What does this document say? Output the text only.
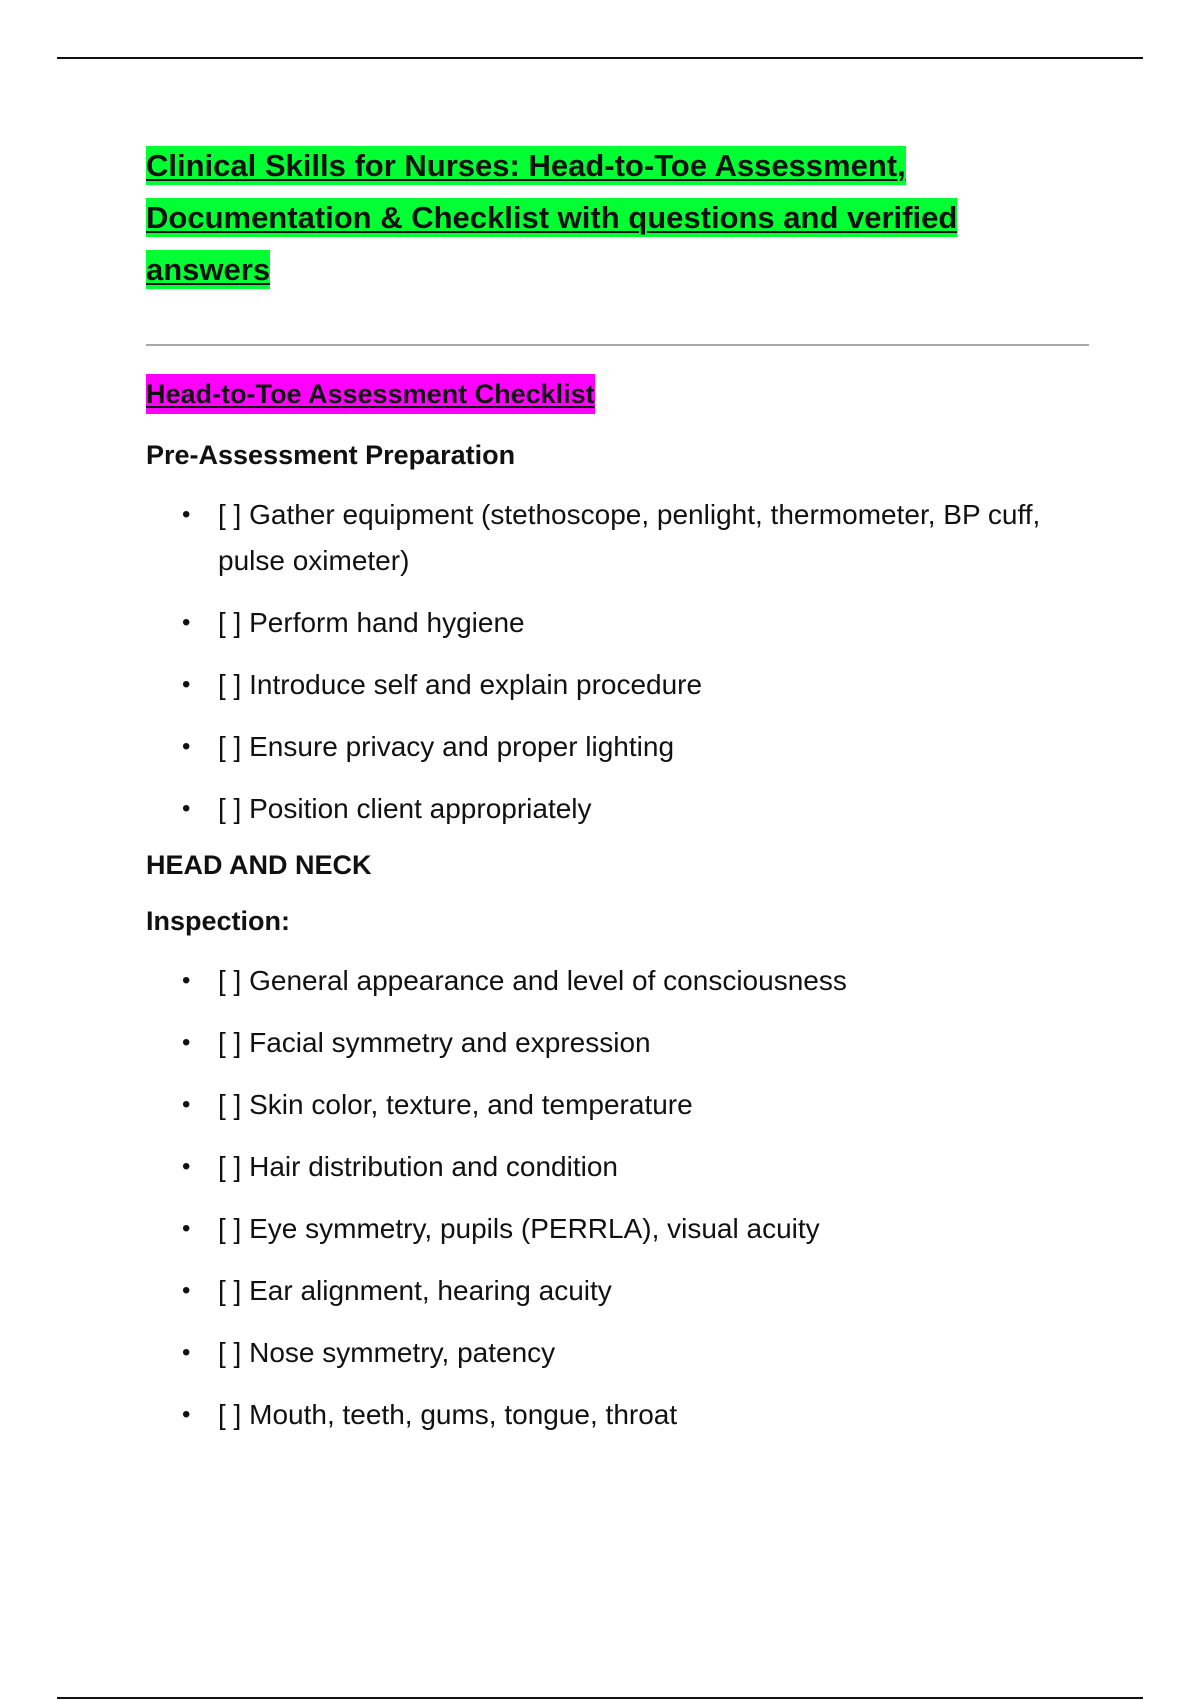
Clinical Skills for Nurses: Head-to-Toe Assessment,
Documentation & Checklist with questions and verified
answers
Head-to-Toe Assessment Checklist
Pre-Assessment Preparation
• [ ] Gather equipment (stethoscope, penlight, thermometer, BP cuff, pulse oximeter)
• [ ] Perform hand hygiene
• [ ] Introduce self and explain procedure
• [ ] Ensure privacy and proper lighting
• [ ] Position client appropriately
HEAD AND NECK
Inspection:
• [ ] General appearance and level of consciousness
• [ ] Facial symmetry and expression
• [ ] Skin color, texture, and temperature
• [ ] Hair distribution and condition
• [ ] Eye symmetry, pupils (PERRLA), visual acuity
• [ ] Ear alignment, hearing acuity
• [ ] Nose symmetry, patency
• [ ] Mouth, teeth, gums, tongue, throat
